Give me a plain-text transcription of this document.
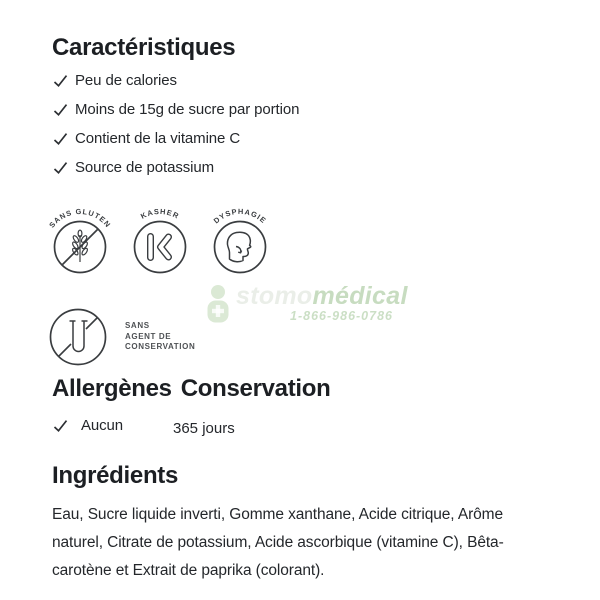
Caractéristiques
Peu de calories
Moins de 15g de sucre par portion
Contient de la vitamine C
Source de potassium
SANS GLUTEN
KASHER	DYSPHAGIE
SANS
AGENT DE
CONSERVATION
stomomédical
1-866-986-0786
Allergènes Conservation
Aucun	365 jours
Ingrédients
Eau, Sucre liquide inverti, Gomme xanthane, Acide citrique, Arôme
naturel, Citrate de potassium, Acide ascorbique (vitamine C), Bêta-
carotène et Extrait de paprika (colorant).
